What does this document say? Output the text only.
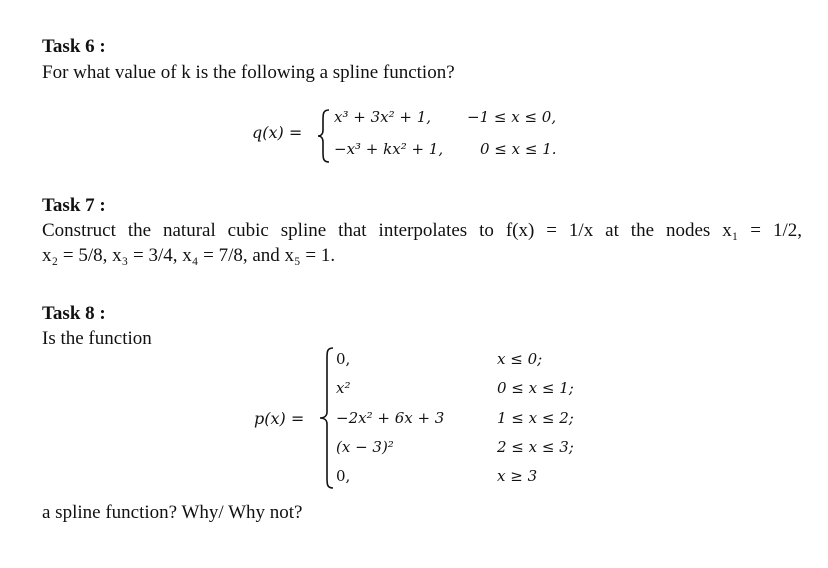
Task 6 :
For what value of k is the following a spline function?
q(x) =
x³ + 3x² + 1, −1 ≤ x ≤ 0,
−x³ + kx² + 1, 0 ≤ x ≤ 1.
Task 7 :
Construct the natural cubic spline that interpolates to f(x) = 1/x at the nodes x₁ = 1/2,
x₂ = 5/8, x₃ = 3/4, x₄ = 7/8, and x₅ = 1.
Task 8 :
Is the function
p(x) =
0,	x ≤ 0;
x²	0 ≤ x ≤ 1;
−2x² + 6x + 3	1 ≤ x ≤ 2;
(x − 3)²	2 ≤ x ≤ 3;
0,	x ≥ 3
a spline function? Why/ Why not?
